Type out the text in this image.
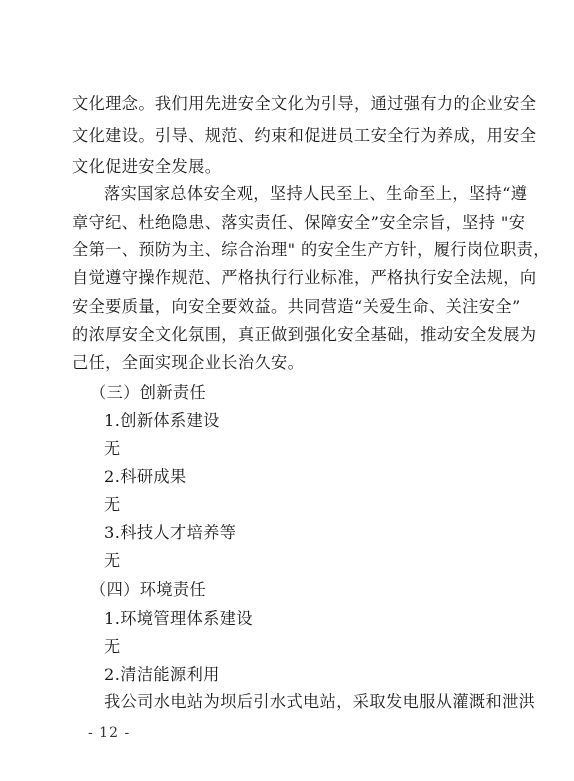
文化理念。我们用先进安全文化为引导，通过强有力的企业安全
文化建设。引导、规范、约束和促进员工安全行为养成，用安全
文化促进安全发展。
落实国家总体安全观，坚持人民至上、生命至上，坚持“遵
章守纪、杜绝隐患、落实责任、保障安全”安全宗旨，坚持 "安
全第一、预防为主、综合治理" 的安全生产方针，履行岗位职责，
自觉遵守操作规范、严格执行行业标准，严格执行安全法规，向
安全要质量，向安全要效益。共同营造“关爱生命、关注安全”
的浓厚安全文化氛围，真正做到强化安全基础，推动安全发展为
己任，全面实现企业长治久安。
（三）创新责任
1.创新体系建设
无
2.科研成果
无
3.科技人才培养等
无
（四）环境责任
1.环境管理体系建设
无
2.清洁能源利用
我公司水电站为坝后引水式电站，采取发电服从灌溉和泄洪
- 12 -
